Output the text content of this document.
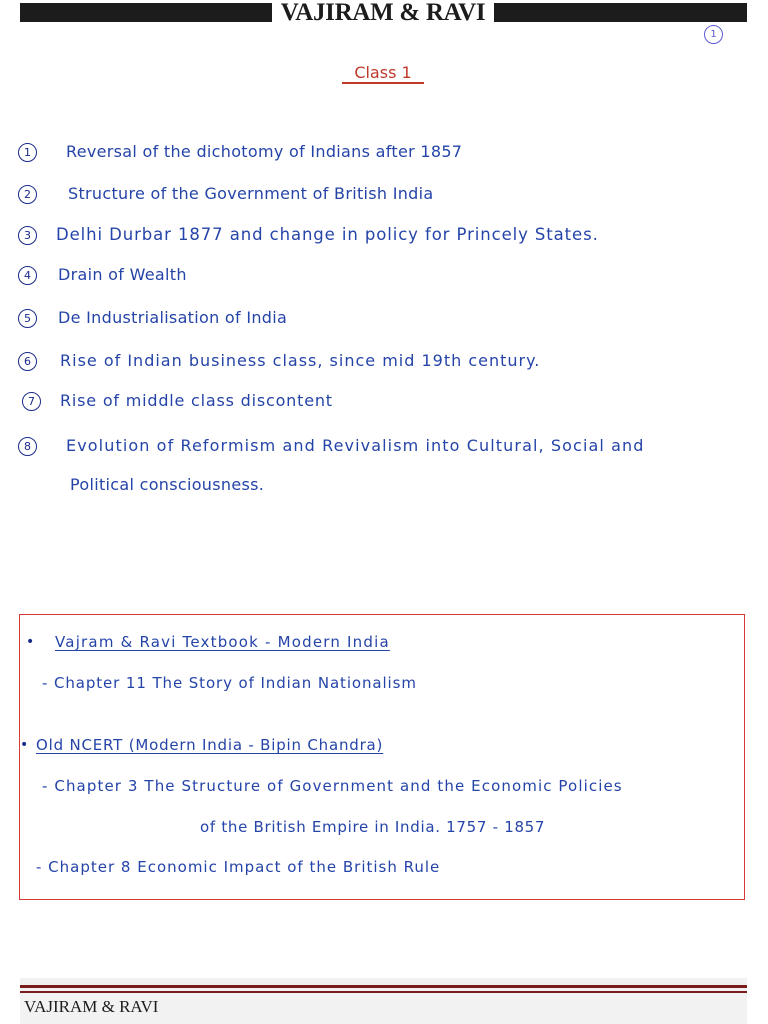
VAJIRAM & RAVI
1
Class 1
1	Reversal of the dichotomy of Indians after 1857
2	Structure of the Government of British India
3	Delhi Durbar 1877 and change in policy for Princely States.
4	Drain of Wealth
5	De Industrialisation of India
6	Rise of Indian business class, since mid 19th century.
7	Rise of middle class discontent
8	Evolution of Reformism and Revivalism into Cultural, Social and
Political consciousness.
• Vajram & Ravi Textbook - Modern India
- Chapter 11 The Story of Indian Nationalism
• Old NCERT (Modern India - Bipin Chandra)
- Chapter 3 The Structure of Government and the Economic Policies
of the British Empire in India. 1757 - 1857
- Chapter 8 Economic Impact of the British Rule
VAJIRAM & RAVI
